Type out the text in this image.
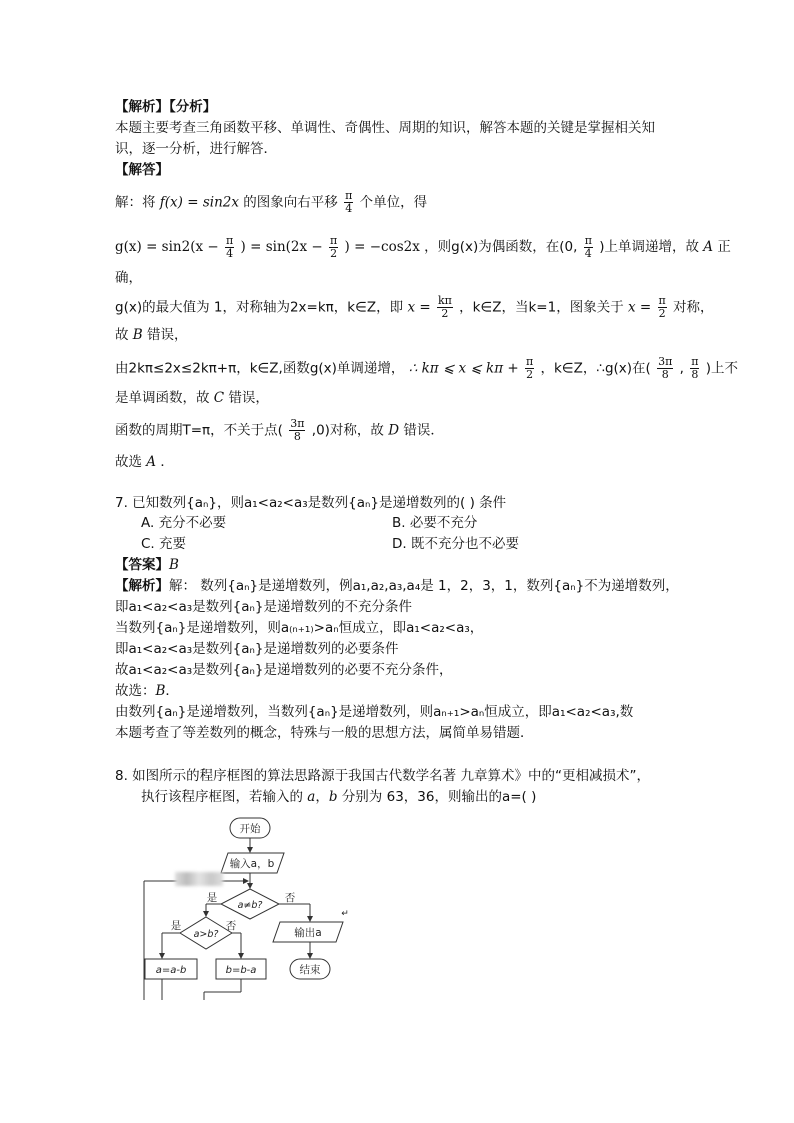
【解析】【分析】
本题主要考查三角函数平移、单调性、奇偶性、周期的知识，解答本题的关键是掌握相关知
识，逐一分析，进行解答．
【解答】
解：将 f(x) = sin2x 的图象向右平移 $\frac{\pi}{4}$ 个单位，得
$g(x) = \sin 2(x - \frac{\pi}{4}$ ) = $\sin(2x - \frac{\pi}{2}$ ) = −cos2x ，则g(x)为偶函数，在(0, $\frac{\pi}{4}$ )上单调递增，故 A 正
确，
g(x)的最大值为 1，对称轴为2x=kπ，k∈Z，即 $x = \frac{k\pi}{2}$ ，k∈Z，当k=1，图象关于 $x = \frac{\pi}{2}$ 对称，
故 B 错误，
由2kπ≤2x≤2kπ+π，k∈Z,函数g(x)单调递增， ∴ kπ ⩽ x ⩽ $k\pi + \frac{\pi}{2}$ ，k∈Z，∴g(x)在( $\frac{3\pi}{8}$ , $\frac{\pi}{8}$ )上不
是单调函数，故 C 错误，
函数的周期T=π，不关于点( $\frac{3\pi}{8} ,0$)对称，故 D 错误．
故选 A ．
7. 已知数列{aₙ}，则a₁<a₂<a₃是数列{aₙ}是递增数列的( ) 条件
A. 充分不必要	B. 必要不充分
C. 充要	D. 既不充分也不必要
【答案】B
【解析】解： 数列{aₙ}是递增数列，例a₁,a₂,a₃,a₄是 1，2，3，1，数列{aₙ}不为递增数列，
即a₁<a₂<a₃是数列{aₙ}是递增数列的不充分条件
当数列{aₙ}是递增数列，则a₍ₙ₊₁₎>aₙ恒成立，即a₁<a₂<a₃，
即a₁<a₂<a₃是数列{aₙ}是递增数列的必要条件
故a₁<a₂<a₃是数列{aₙ}是递增数列的必要不充分条件，
故选：B．
由数列{aₙ}是递增数列，当数列{aₙ}是递增数列，则aₙ₊₁>aₙ恒成立，即a₁<a₂<a₃,数
本题考查了等差数列的概念，特殊与一般的思想方法，属简单易错题．
8. 如图所示的程序框图的算法思路源于我国古代数学名著 九章算术》中的“更相减损术”，
执行该程序框图，若输入的 a，b 分别为 63，36，则输出的a=( )
开始
输入a，b
a≠b?
是	否
a>b?
是	否
a=a-b	b=b-a
输出a
结束
↵
